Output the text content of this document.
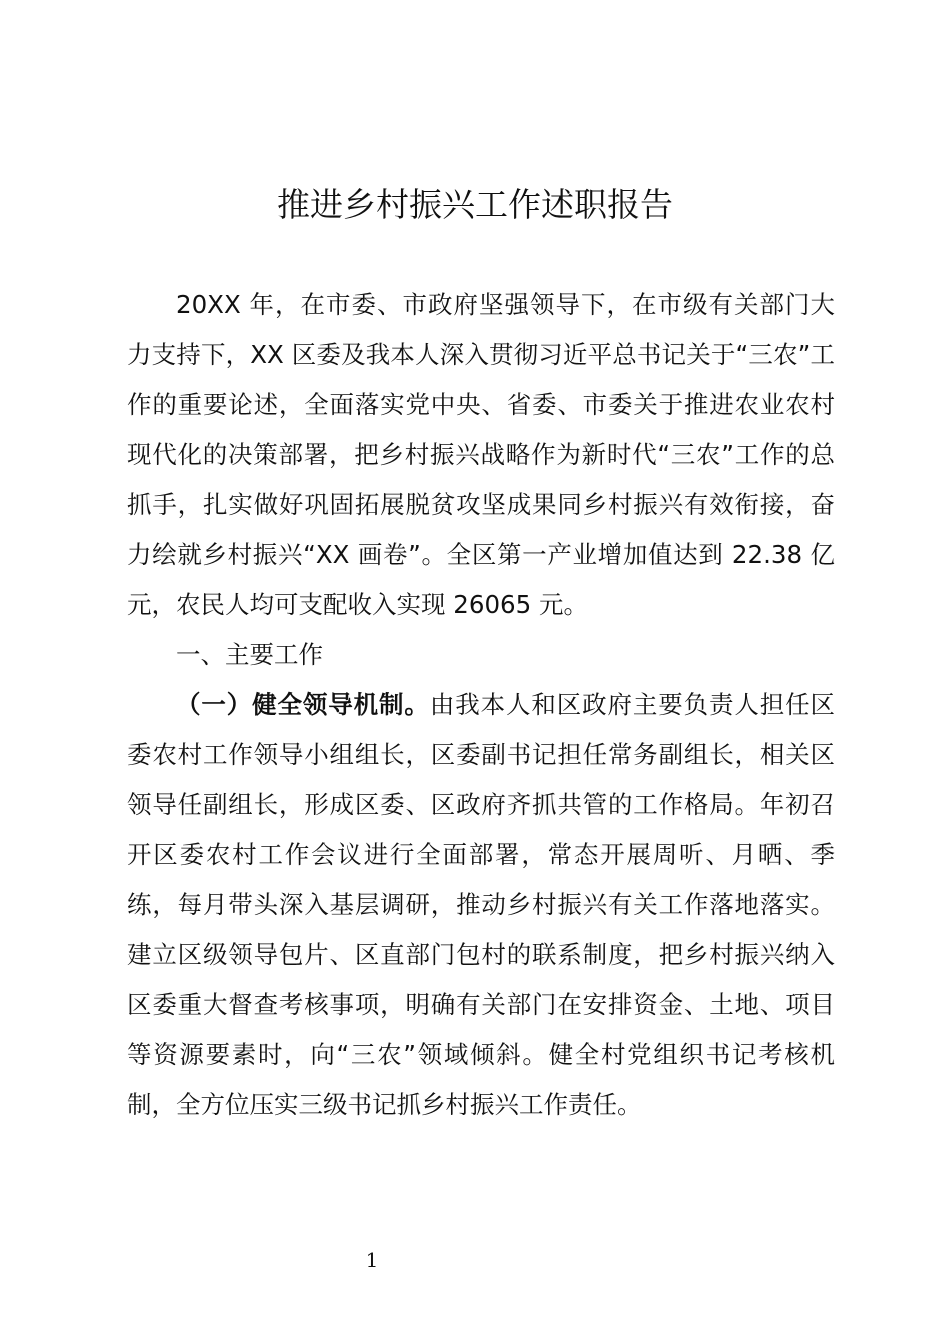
推进乡村振兴工作述职报告

20XX 年，在市委、市政府坚强领导下，在市级有关部门大力支持下，XX 区委及我本人深入贯彻习近平总书记关于“三农”工作的重要论述，全面落实党中央、省委、市委关于推进农业农村现代化的决策部署，把乡村振兴战略作为新时代“三农”工作的总抓手，扎实做好巩固拓展脱贫攻坚成果同乡村振兴有效衔接，奋力绘就乡村振兴“XX 画卷”。全区第一产业增加值达到 22.38 亿元，农民人均可支配收入实现 26065 元。

一、主要工作

（一）健全领导机制。由我本人和区政府主要负责人担任区委农村工作领导小组组长，区委副书记担任常务副组长，相关区领导任副组长，形成区委、区政府齐抓共管的工作格局。年初召开区委农村工作会议进行全面部署，常态开展周听、月晒、季练，每月带头深入基层调研，推动乡村振兴有关工作落地落实。建立区级领导包片、区直部门包村的联系制度，把乡村振兴纳入区委重大督查考核事项，明确有关部门在安排资金、土地、项目等资源要素时，向“三农”领域倾斜。健全村党组织书记考核机制，全方位压实三级书记抓乡村振兴工作责任。

1
